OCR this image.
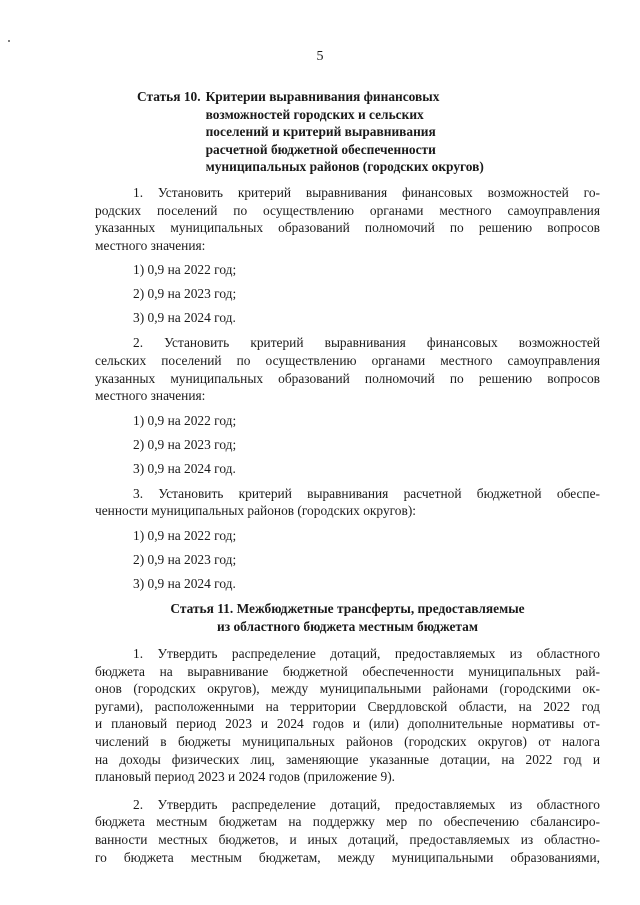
5
Статья 10. Критерии выравнивания финансовых
возможностей городских и сельских
поселений и критерий выравнивания
расчетной бюджетной обеспеченности
муниципальных районов (городских округов)
1. Установить критерий выравнивания финансовых возможностей го-
родских поселений по осуществлению органами местного самоуправления
указанных муниципальных образований полномочий по решению вопросов
местного значения:
1) 0,9 на 2022 год;
2) 0,9 на 2023 год;
3) 0,9 на 2024 год.
2. Установить критерий выравнивания финансовых возможностей
сельских поселений по осуществлению органами местного самоуправления
указанных муниципальных образований полномочий по решению вопросов
местного значения:
1) 0,9 на 2022 год;
2) 0,9 на 2023 год;
3) 0,9 на 2024 год.
3. Установить критерий выравнивания расчетной бюджетной обеспе-
ченности муниципальных районов (городских округов):
1) 0,9 на 2022 год;
2) 0,9 на 2023 год;
3) 0,9 на 2024 год.
Статья 11. Межбюджетные трансферты, предоставляемые
из областного бюджета местным бюджетам
1. Утвердить распределение дотаций, предоставляемых из областного
бюджета на выравнивание бюджетной обеспеченности муниципальных рай-
онов (городских округов), между муниципальными районами (городскими ок-
ругами), расположенными на территории Свердловской области, на 2022 год
и плановый период 2023 и 2024 годов и (или) дополнительные нормативы от-
числений в бюджеты муниципальных районов (городских округов) от налога
на доходы физических лиц, заменяющие указанные дотации, на 2022 год и
плановый период 2023 и 2024 годов (приложение 9).
2. Утвердить распределение дотаций, предоставляемых из областного
бюджета местным бюджетам на поддержку мер по обеспечению сбалансиро-
ванности местных бюджетов, и иных дотаций, предоставляемых из областно-
го бюджета местным бюджетам, между муниципальными образованиями,
